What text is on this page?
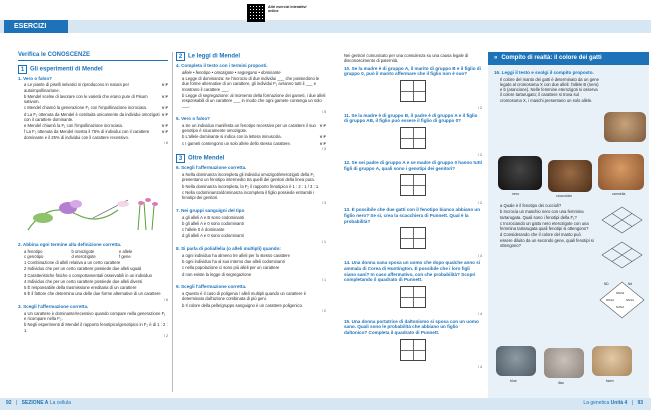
ESERCIZI
Altri esercizi interattivi online
Verifica le CONOSCENZE
1 Gli esperimenti di Mendel
1. Vero o falso?
V F
a Le piante di piselli selvatici si riproducono in natura per autoimpollinazione.
V F
b Mendel scelse di lavorare con le varietà che erano pure di Pisum sativum.
V F
c Mendel chiamò la generazione F₁ con l'impollinazione incrociata.
V F
d La F₁ ottenuta da Mendel è costituita unicamente da individui omozigoti con il carattere dominante.
V F
e Mendel chiamò la F₁ con l'impollinazione incrociata.
V F
f La F₂ ottenuta da Mendel mostra il 75% di individui con il carattere dominante e il 25% di individui con il carattere recessivo.
/ 6
2. Abbina ogni termine alla definizione corretta.
a fenotipo	b omozigote	e allele
c genotipo	d eterozigote	f gene
1 Combinazione di alleli relativa a un certo carattere
2 Individuo che per un certo carattere possiede due alleli uguali
3 Caratteristiche fisiche o comportamentali osservabili in un individuo
4 Individuo che per un certo carattere possiede due alleli diversi
5 È responsabile della trasmissione ereditaria di un carattere
6 È il fattore che determina una delle due forme alternative di un carattere
/ 6
3. Scegli l'affermazione corretta.
a Un carattere è dominante/recessivo quando compare nella generazione F₁ e ricompare nella F₂.
b Negli esperimenti di Mendel il rapporto fenotipico/genotipico in F₂ è di 1 : 2 : 1.
/ 2
2 Le leggi di Mendel
4. Completa il testo con i termini proposti.
allele • fenotipo • omozigote • segregano • dominante
a Legge di dominanza: se l'incrocio di due individui ___ che possiedono le due forme alternative di un carattere, gli individui F₁ avranno tutti il ___ e mostrano il carattere ___.
b Legge di segregazione: al momento della formazione dei gameti, i due alleli responsabili di un carattere ___ in modo che ogni gamete contenga un solo ___.
/ 5
5. Vero o falso?
V F
a Se un individuo manifesta un fenotipo recessivo per un carattere il suo genotipo è sicuramente omozigote.
V F
b L'allele dominante si indica con la lettera minuscola.
V F
c I gameti contengono un solo allele dello stesso carattere.
/ 3
3 Oltre Mendel
6. Scegli l'affermazione corretta.
a Nella dominanza incompleta gli individui omozigoti/eterozigoti della F₁ presentano un fenotipo intermedio tra quelli dei genitori della linea pura.
b Nella dominanza incompleta, la F₂ il rapporto fenotipico è 1 : 2 : 1 / 3 : 1.
c Nella codominanza/dominanza incompleta il figlio possiede entrambi i fenotipi dei genitori.
/ 3
7. Nei gruppi sanguigni del tipo
a gli alleli A e B sono codominanti
b gli alleli A e 0 sono codominanti
c l'allele 0 è dominante
d gli alleli A e 0 sono codominanti
/ 1
8. Si parla di poliallelia (o alleli multipli) quando:
a ogni individuo ha almeno tre alleli per lo stesso carattere
b ogni individuo ha al suo interno due alleli codominanti
c nella popolazione ci sono più alleli per un carattere
d non esiste la legge di segregazione
/ 1
9. Scegli l'affermazione corretta.
a Questo è il caso di poligenia / alleli multipli quando un carattere è determinato dall'azione combinata di più geni.
b Il colore della pelle/gruppo sanguigno è un carattere poligenico.
/ 2
Nei genitori comunicato per una consulenza su una causa legale di disconoscimento di paternità.
10. Se la madre è di gruppo A, il marito di gruppo B e il figlio di gruppo 0, può il marito affermare che il figlio non è suo?
/ 2
11. Se la madre è di gruppo B, il padre è di gruppo A e il figlio di gruppo AB, il figlio può essere il figlio di gruppo 0?
/ 2
12. Se sei padre di gruppo A e se madre di gruppo 0 hanno tutti figli di gruppo A, quali sono i genotipi dei genitori?
/ 2
13. È possibile che due gatti con il fenotipo bianco abbiano un figlio nero? Se sì, crea la scacchiera di Punnett. Qual è la probabilità?
/ 4
14. Una donna sana sposa un uomo che dopo qualche anno si ammala di Corea di Huntington. È possibile che i loro figli siano sani? In caso affermativo, con che probabilità? Scopri completando il quadrato di Punnett.
/ 4
15. Una donna portatrice di daltonismo si sposa con un uomo sano. Quali sono le probabilità che abbiano un figlio daltonico? Completa il quadrato di Punnett.
/ 4
» Compito di realtà: il colore dei gatti
16. Leggi il testo e svolgi il compito proposto.
Il colore del manto dei gatti è determinato da un gene legato al cromosoma X con due alleli: l'allele B (nero) e b (arancione). Nelle femmine eterozigoti si osserva il colore tartarugato; il carattere si trova sul cromosoma X, i maschi presentano un solo allele.
nero	cioccolato	cannella
a Quale è il fenotipo dei cuccioli?
b Incrocia un maschio nero con una femmina tartarugata. Quali sono i fenotipi della F₁?
c Incrociando un gatto nero eterozigote con una femmina tartarugata quali fenotipi si ottengono?
d Considerando che il colore del manto può essere diluito da un secondo gene, quali fenotipi si ottengono?
ND	Nd
NNDd
NNdd	NNdd
NdNd
blue	lilac	fawn
92 | SEZIONE A La cellula	La genetica Unità 4 | 93
